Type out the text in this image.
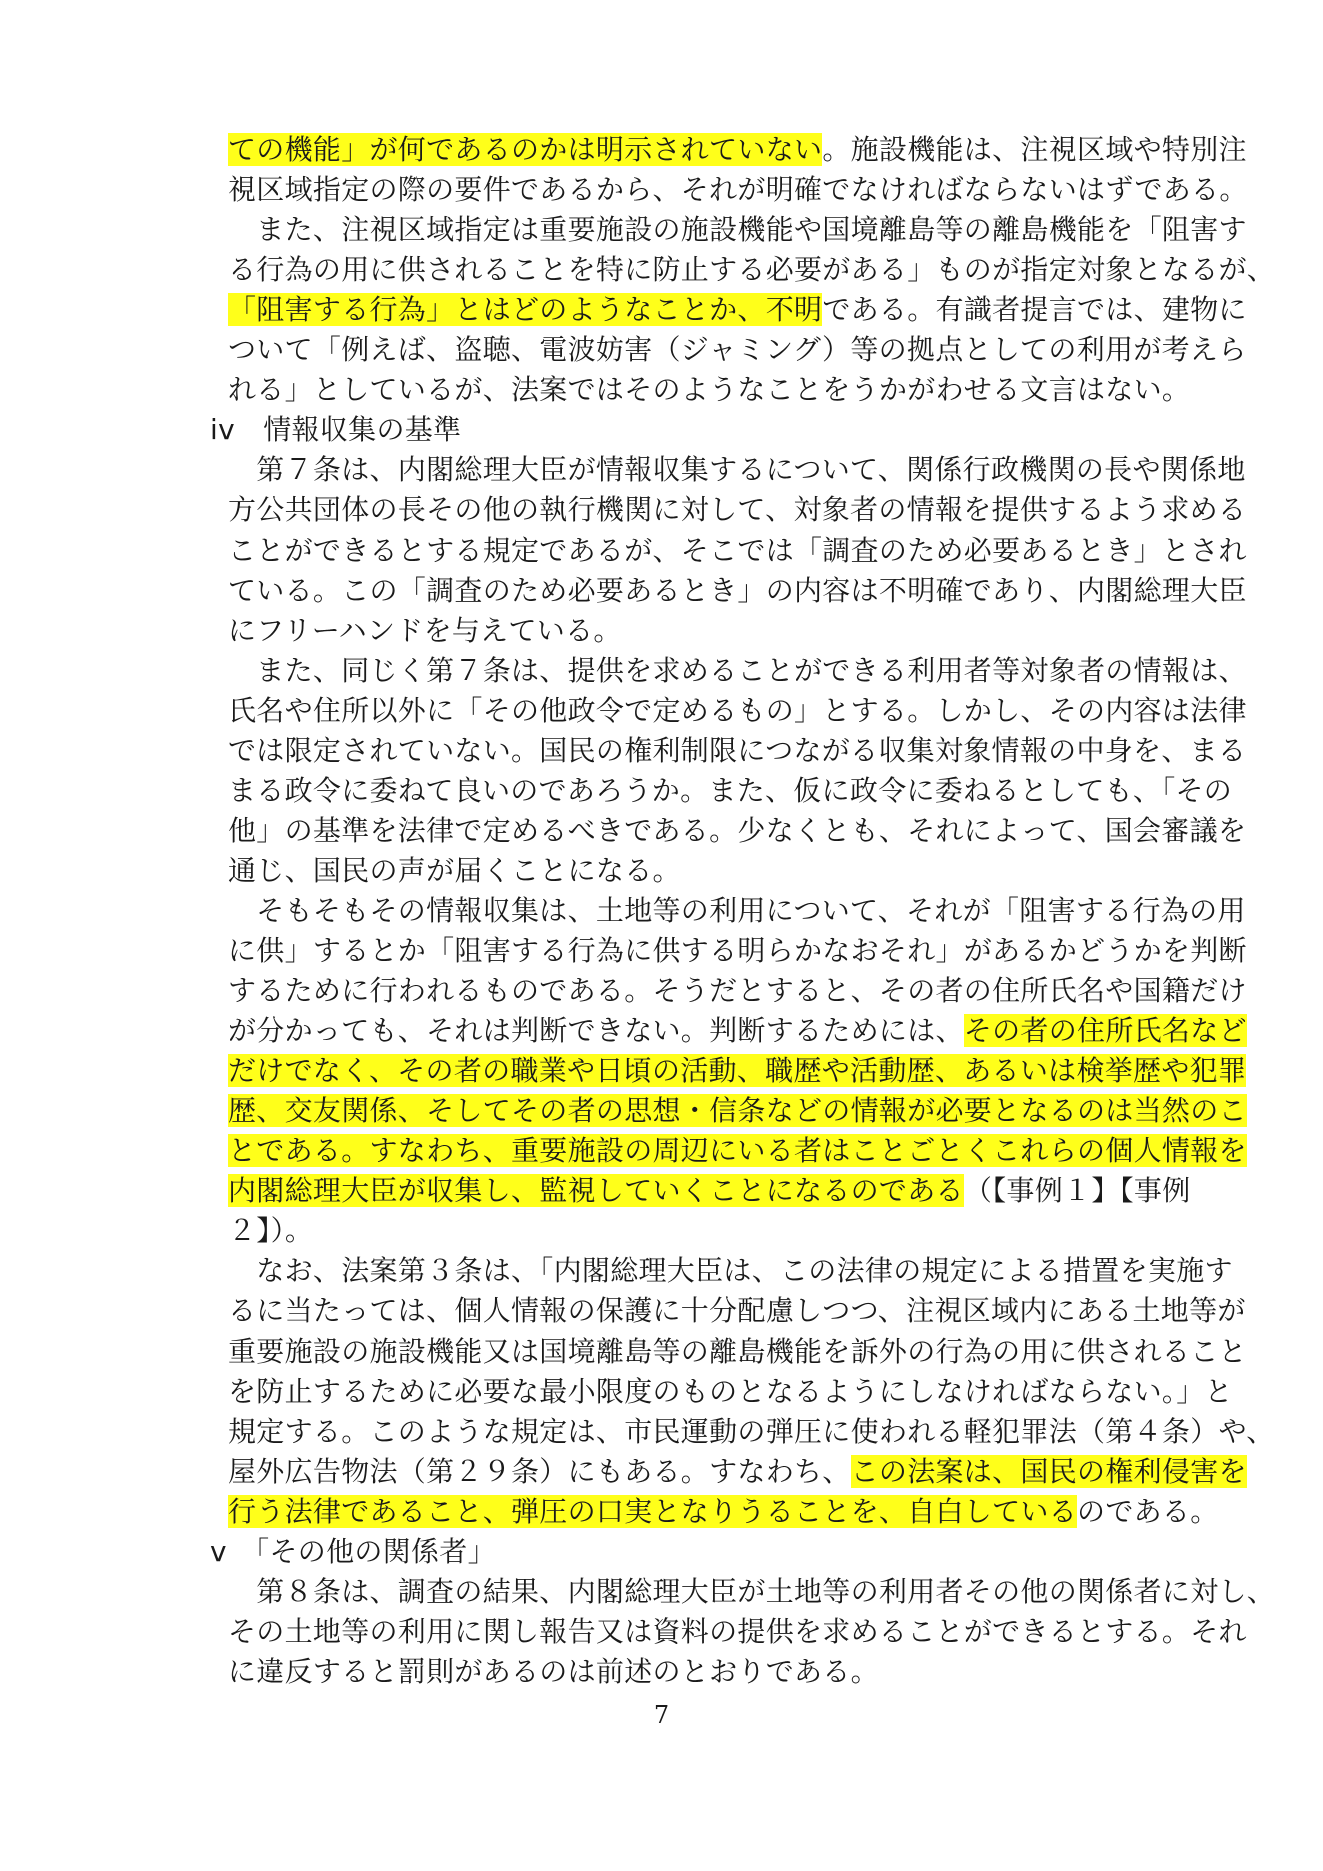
ての機能」が何であるのかは明示されていない。施設機能は、注視区域や特別注
視区域指定の際の要件であるから、それが明確でなければならないはずである。
　また、注視区域指定は重要施設の施設機能や国境離島等の離島機能を「阻害す
る行為の用に供されることを特に防止する必要がある」ものが指定対象となるが、
「阻害する行為」とはどのようなことか、不明である。有識者提言では、建物に
ついて「例えば、盗聴、電波妨害（ジャミング）等の拠点としての利用が考えら
れる」としているが、法案ではそのようなことをうかがわせる文言はない。
iv　情報収集の基準
　第７条は、内閣総理大臣が情報収集するについて、関係行政機関の長や関係地
方公共団体の長その他の執行機関に対して、対象者の情報を提供するよう求める
ことができるとする規定であるが、そこでは「調査のため必要あるとき」とされ
ている。この「調査のため必要あるとき」の内容は不明確であり、内閣総理大臣
にフリーハンドを与えている。
　また、同じく第７条は、提供を求めることができる利用者等対象者の情報は、
氏名や住所以外に「その他政令で定めるもの」とする。しかし、その内容は法律
では限定されていない。国民の権利制限につながる収集対象情報の中身を、まる
まる政令に委ねて良いのであろうか。また、仮に政令に委ねるとしても、「その
他」の基準を法律で定めるべきである。少なくとも、それによって、国会審議を
通じ、国民の声が届くことになる。
　そもそもその情報収集は、土地等の利用について、それが「阻害する行為の用
に供」するとか「阻害する行為に供する明らかなおそれ」があるかどうかを判断
するために行われるものである。そうだとすると、その者の住所氏名や国籍だけ
が分かっても、それは判断できない。判断するためには、その者の住所氏名など
だけでなく、その者の職業や日頃の活動、職歴や活動歴、あるいは検挙歴や犯罪
歴、交友関係、そしてその者の思想・信条などの情報が必要となるのは当然のこ
とである。すなわち、重要施設の周辺にいる者はことごとくこれらの個人情報を
内閣総理大臣が収集し、監視していくことになるのである（【事例１】【事例
２】）。
　なお、法案第３条は、「内閣総理大臣は、この法律の規定による措置を実施す
るに当たっては、個人情報の保護に十分配慮しつつ、注視区域内にある土地等が
重要施設の施設機能又は国境離島等の離島機能を訴外の行為の用に供されること
を防止するために必要な最小限度のものとなるようにしなければならない。」と
規定する。このような規定は、市民運動の弾圧に使われる軽犯罪法（第４条）や、
屋外広告物法（第２９条）にもある。すなわち、この法案は、国民の権利侵害を
行う法律であること、弾圧の口実となりうることを、自白しているのである。
v　「その他の関係者」
　第８条は、調査の結果、内閣総理大臣が土地等の利用者その他の関係者に対し、
その土地等の利用に関し報告又は資料の提供を求めることができるとする。それ
に違反すると罰則があるのは前述のとおりである。
7
